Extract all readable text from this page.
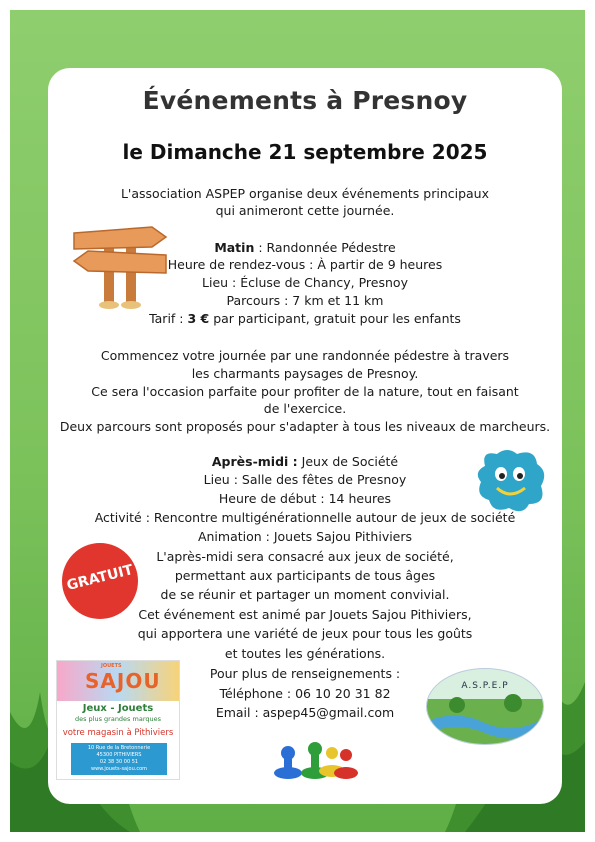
Événements à Presnoy
le Dimanche 21 septembre 2025
L'association ASPEP organise deux événements principaux
qui animeront cette journée.
Matin : Randonnée Pédestre
Heure de rendez-vous : À partir de 9 heures
Lieu : Écluse de Chancy, Presnoy
Parcours : 7 km et 11 km
Tarif : 3 € par participant, gratuit pour les enfants
Commencez votre journée par une randonnée pédestre à travers
les charmants paysages de Presnoy.
Ce sera l'occasion parfaite pour profiter de la nature, tout en faisant
de l'exercice.
Deux parcours sont proposés pour s'adapter à tous les niveaux de marcheurs.
Après-midi : Jeux de Société
Lieu : Salle des fêtes de Presnoy
Heure de début : 14 heures
Activité : Rencontre multigénérationnelle autour de jeux de société
Animation : Jouets Sajou Pithiviers
L'après-midi sera consacré aux jeux de société,
permettant aux participants de tous âges
de se réunir et partager un moment convivial.
Cet événement est animé par Jouets Sajou Pithiviers,
qui apportera une variété de jeux pour tous les goûts
et toutes les générations.
Pour plus de renseignements :
Téléphone : 06 10 20 31 82
Email : aspep45@gmail.com
GRATUIT
JOUETS
SAJOU
Jeux - Jouets
des plus grandes marques
votre magasin à Pithiviers
10 Rue de la Bretonnerie
45300 PITHIVIERS
02 38 30 00 51
www.jouets-sajou.com
A.S.P.E.P
